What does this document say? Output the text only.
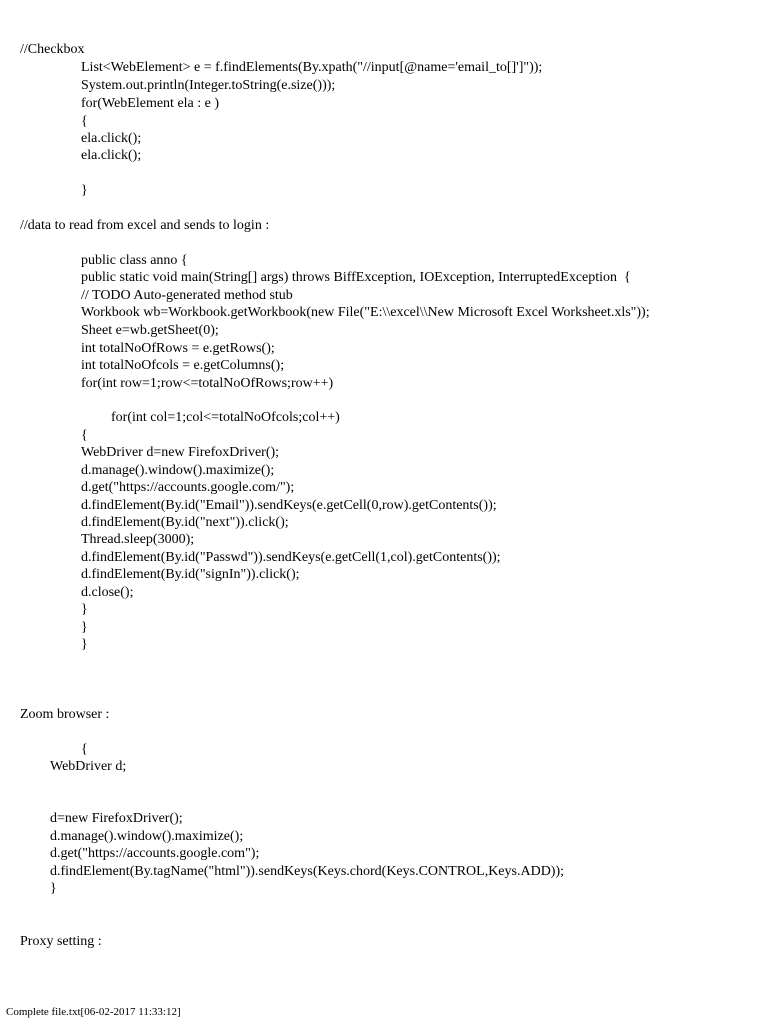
//Checkbox
List<WebElement> e = f.findElements(By.xpath("//input[@name='email_to[]']"));
System.out.println(Integer.toString(e.size()));
for(WebElement ela : e )
{
ela.click();
ela.click();
}
//data to read from excel and sends to login :
public class anno {
public static void main(String[] args) throws BiffException, IOException, InterruptedException  {
// TODO Auto-generated method stub
Workbook wb=Workbook.getWorkbook(new File("E:\\excel\\New Microsoft Excel Worksheet.xls"));
Sheet e=wb.getSheet(0);
int totalNoOfRows = e.getRows();
int totalNoOfcols = e.getColumns();
for(int row=1;row<=totalNoOfRows;row++)
for(int col=1;col<=totalNoOfcols;col++)
{
WebDriver d=new FirefoxDriver();
d.manage().window().maximize();
d.get("https://accounts.google.com/");
d.findElement(By.id("Email")).sendKeys(e.getCell(0,row).getContents());
d.findElement(By.id("next")).click();
Thread.sleep(3000);
d.findElement(By.id("Passwd")).sendKeys(e.getCell(1,col).getContents());
d.findElement(By.id("signIn")).click();
d.close();
}
}
}
Zoom browser :
{
WebDriver d;
d=new FirefoxDriver();
d.manage().window().maximize();
d.get("https://accounts.google.com");
d.findElement(By.tagName("html")).sendKeys(Keys.chord(Keys.CONTROL,Keys.ADD));
}
Proxy setting :
Complete file.txt[06-02-2017 11:33:12]
